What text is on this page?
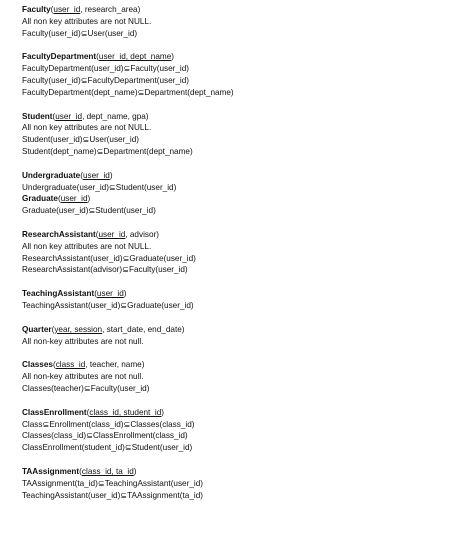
Faculty(user_id, research_area)
All non key attributes are not NULL.
Faculty(user_id)⊆User(user_id)
FacultyDepartment(user_id, dept_name)
FacultyDepartment(user_id)⊆Faculty(user_id)
Faculty(user_id)⊆FacultyDepartment(user_id)
FacultyDepartment(dept_name)⊆Department(dept_name)
Student(user_id, dept_name, gpa)
All non key attributes are not NULL.
Student(user_id)⊆User(user_id)
Student(dept_name)⊆Department(dept_name)
Undergraduate(user_id)
Undergraduate(user_id)⊆Student(user_id)
Graduate(user_id)
Graduate(user_id)⊆Student(user_id)
ResearchAssistant(user_id, advisor)
All non key attributes are not NULL.
ResearchAssistant(user_id)⊆Graduate(user_id)
ResearchAssistant(advisor)⊆Faculty(user_id)
TeachingAssistant(user_id)
TeachingAssistant(user_id)⊆Graduate(user_id)
Quarter(year, session, start_date, end_date)
All non-key attributes are not null.
Classes(class_id, teacher, name)
All non-key attributes are not null.
Classes(teacher)⊆Faculty(user_id)
ClassEnrollment(class_id, student_id)
Class⊆Enrollment(class_id)⊆Classes(class_id)
Classes(class_id)⊆ClassEnrollment(class_id)
ClassEnrollment(student_id)⊆Student(user_id)
TAAssignment(class_id, ta_id)
TAAssignment(ta_id)⊆TeachingAssistant(user_id)
TeachingAssistant(user_id)⊆TAAssignment(ta_id)
